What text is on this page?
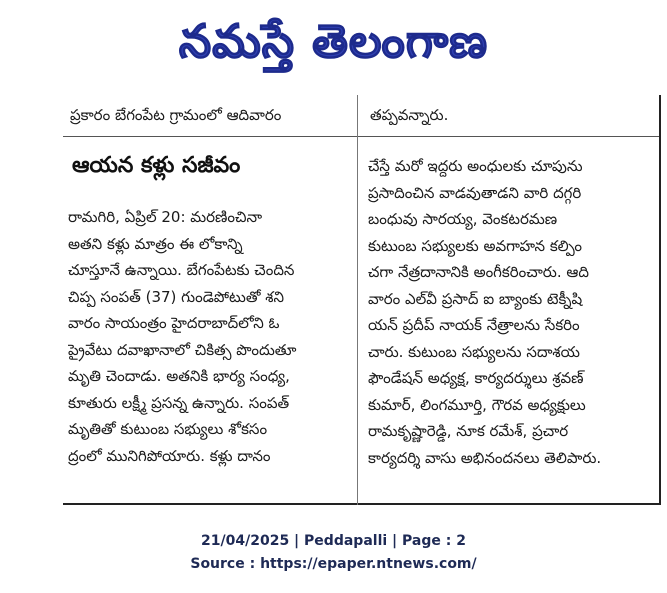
నమస్తే తెలంగాణ
ప్రకారం బేగంపేట గ్రామంలో ఆదివారం	తప్పవన్నారు.
ఆయన కళ్లు సజీవం
రామగిరి, ఏప్రిల్ 20: మరణించినా
అతని కళ్లు మాత్రం ఈ లోకాన్ని
చూస్తూనే ఉన్నాయి. బేగంపేటకు చెందిన
చిప్ప సంపత్ (37) గుండెపోటుతో శని
వారం సాయంత్రం హైదరాబాద్‌లోని ఓ
ప్రైవేటు దవాఖానాలో చికిత్స పొందుతూ
మృతి చెందాడు. అతనికి భార్య సంధ్య,
కూతురు లక్ష్మీ ప్రసన్న ఉన్నారు. సంపత్
మృతితో కుటుంబ సభ్యులు శోకసం
ద్రంలో మునిగిపోయారు. కళ్లు దానం
చేస్తే మరో ఇద్దరు అంధులకు చూపును
ప్రసాదించిన వాడవుతాడని వారి దగ్గరి
బంధువు సారయ్య, వెంకటరమణ
కుటుంబ సభ్యులకు అవగాహన కల్పిం
చగా నేత్రదానానికి అంగీకరించారు. ఆది
వారం ఎల్‌వీ ప్రసాద్ ఐ బ్యాంకు టెక్నీషి
యన్ ప్రదీప్ నాయక్ నేత్రాలను సేకరిం
చారు. కుటుంబ సభ్యులను సదాశయ
ఫౌండేషన్ అధ్యక్ష, కార్యదర్శులు శ్రవణ్
కుమార్, లింగమూర్తి, గౌరవ అధ్యక్షులు
రామకృష్ణారెడ్డి, నూక రమేశ్, ప్రచార
కార్యదర్శి వాసు అభినందనలు తెలిపారు.
21/04/2025 | Peddapalli | Page : 2
Source : https://epaper.ntnews.com/
